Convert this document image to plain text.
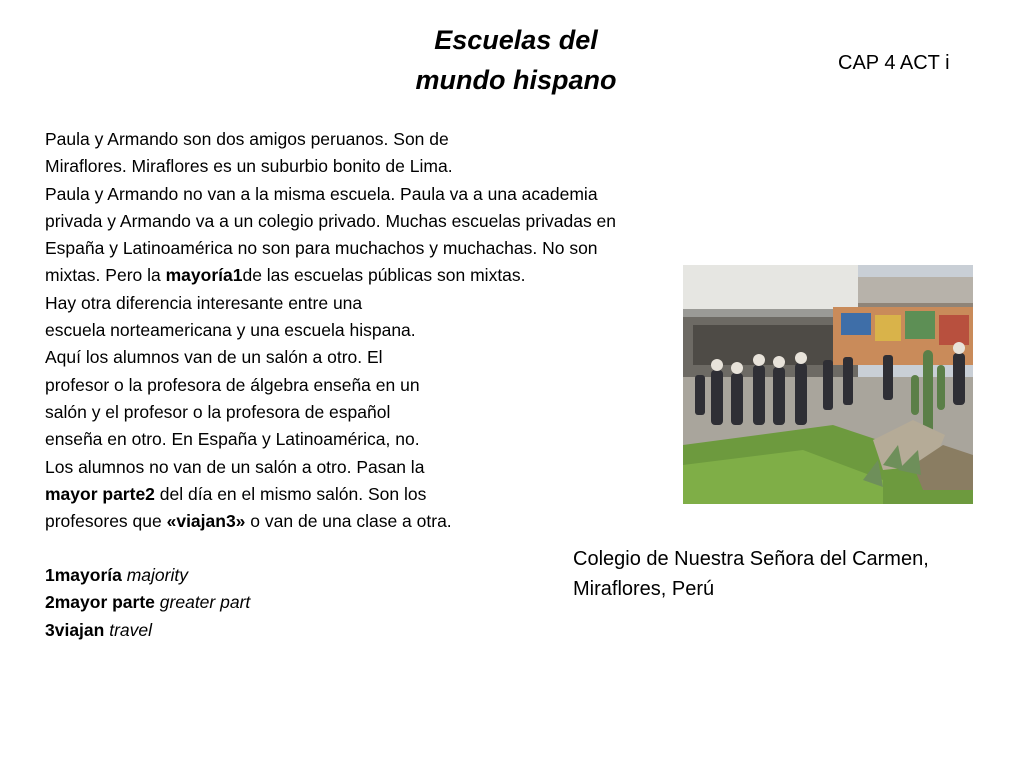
Escuelas del
mundo hispano
CAP 4 ACT i
Paula y Armando son dos amigos peruanos. Son de
Miraflores. Miraflores es un suburbio bonito de Lima.
Paula y Armando no van a la misma escuela. Paula va a una academia
privada y Armando va a un colegio privado. Muchas escuelas privadas en
España y Latinoamérica no son para muchachos y muchachas. No son
mixtas. Pero la mayoría1de las escuelas públicas son mixtas.
Hay otra diferencia interesante entre una
escuela norteamericana y una escuela hispana.
Aquí los alumnos van de un salón a otro. El
profesor o la profesora de álgebra enseña en un
salón y el profesor o la profesora de español
enseña en otro. En España y Latinoamérica, no.
Los alumnos no van de un salón a otro. Pasan la
mayor parte2 del día en el mismo salón. Son los
profesores que «viajan3» o van de una clase a otra.
1mayoría majority
2mayor parte greater part
3viajan travel
Colegio de Nuestra Señora del Carmen,
Miraflores, Perú
